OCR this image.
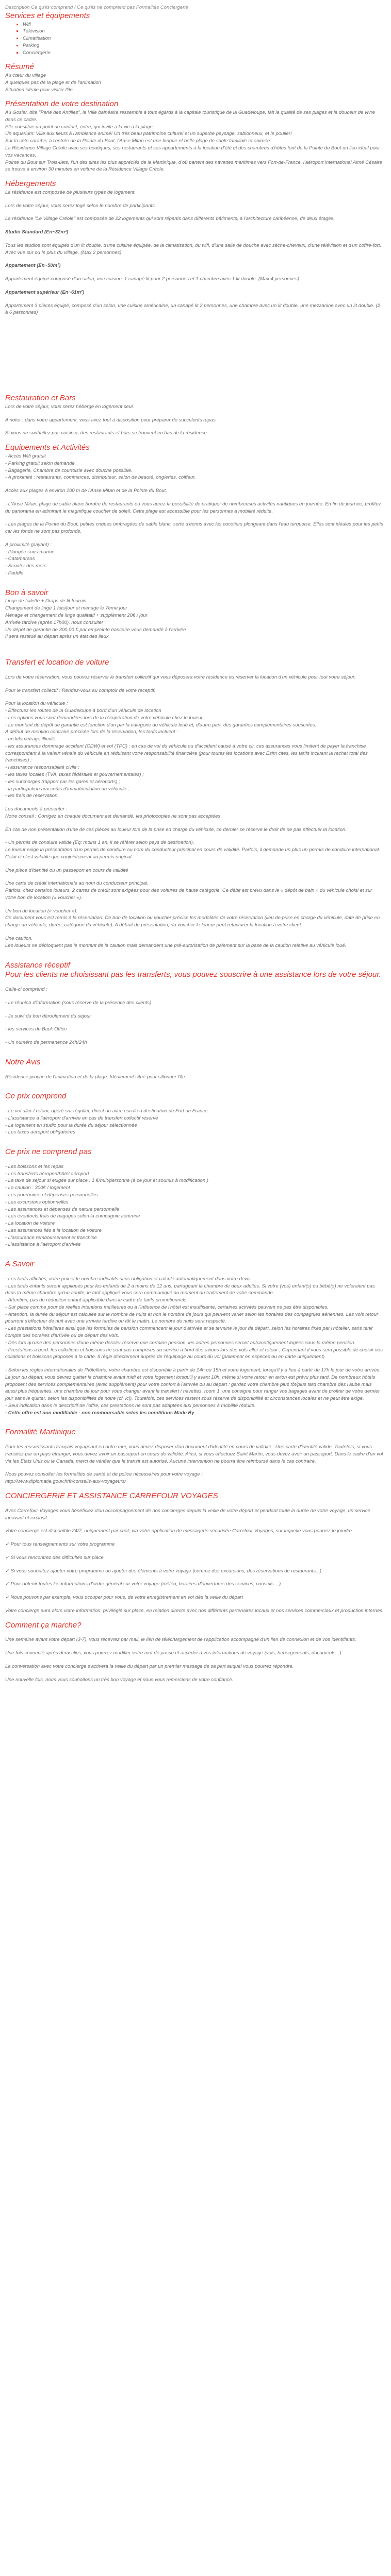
Description Ce qu'ils comprend / Ce qu'ils ne comprend pas Formalités Conciergerie

Services et équipements
▪ Wifi
▪ Télévision
▪ Climatisation
▪ Parking
▪ Conciergerie
Résumé

Au cœur du village

A quelques pas de la plage et de l'animation

Situation idéale pour visiter l'île

Présentation de votre destination

Au Gosier, dite "Perle des Antilles", la Ville balnéaire ressemble à tous égards à la capitale touristique de la Guadeloupe, fait la qualité de ses plages et la douceur de vivre dans ce cadre.

Elle constitue un point de contact, entre, qui invite à la vie à la plage.

Un aquarium: Ville aux fleurs à l'ambiance animé! Un très beau patrimoine culturel et un superbe paysage, sablonneux, et le poulier!

Sur la côte caraïbe, à l'entrée de la Pointe du Bout, l'Anse Mitan est une longue et belle plage de sable familiale et animée.

La Résidence Village Créole avec ses boutiques, ses restaurants et ses appartements à la location d'été et des chambres d'hôtes font de la Pointe du Bout un lieu idéal pour vos vacances.

Pointe du Bout sur Trois-Ilets, l'un des sites les plus appréciés de la Martinique, d'où partent des navettes maritimes vers Fort-de-France, l'aéroport international Aimé Césaire se trouve à environ 30 minutes en voiture de la Résidence Village Créole.

Hébergements

La résidence est composée de plusieurs types de logement.

Lors de votre séjour, vous serez logé selon le nombre de participants.

La résidence "Le Village Créole" est composée de 22 logements qui sont répartis dans différents bâtiments, à l'architecture caribéenne, de deux étages.

Studio Standard (En~32m²)

Tous les studios sont équipés d'un lit double, d'une cuisine équipée, de la climatisation, du wifi, d'une salle de douche avec sèche-cheveux, d'une télévision et d'un coffre-fort. Avec vue sur ou le plus du village. (Max 2 personnes)

Appartement (En~50m²)

Appartement équipé composé d'un salon, une cuisine, 1 canapé lit pour 2 personnes et 1 chambre avec 1 lit double. (Max 4 personnes)

Appartement supérieur (En~61m²)

Appartement 3 pièces équipé, composé d'un salon, une cuisine américaine, un canapé lit 2 personnes, une chambre avec un lit double, une mezzanine avec un lit double. (2 à 6 personnes)

Restauration et Bars

Lors de votre séjour, vous serez hébergé en logement seul.

A noter : dans votre appartement, vous avez tout à disposition pour préparer de succulents repas.

Si vous ne souhaitez pas cuisiner, des restaurants et bars se trouvent en bas de la résidence.

Equipements et Activités

- Accès Wifi gratuit

- Parking gratuit selon demande.

- Bagagerie, Chambre de courtoisie avec douche possible.

- A proximité : restaurants, commerces, distributeur, salon de beauté, ongleries, coiffeur.

Accès aux plages à environ 100 m de l'Anse Mitan et de la Pointe du Bout.

- L'Anse Mitan, plage de sable blanc bordée de restaurants où vous aurez la possibilité de pratiquer de nombreuses activités nautiques en journée. En fin de journée, profitez du panorama en admirant le magnifique coucher de soleil. Cette plage est accessible pour les personnes à mobilité réduite.

- Les plages de la Pointe du Bout, petites criques ombragées de sable blanc, sorte d'écrins avec les cocotiers plongeant dans l'eau turquoise. Elles sont idéales pour les petits car les fonds ne sont pas profonds.

A proximité (payant) :

- Plongée sous-marine

- Catamarans

- Scooter des mers

- Paddle

Bon à savoir

Linge de toilette + Draps de lit fournis

Changement de linge 1 fois/jour et ménage le 7ème jour

Ménage et changement de linge qualitatif + supplément 20€ / jour

Arrivée tardive (après 17h00), nous consulter

Un dépôt de garantie de 300,00 € par empreinte bancaire vous demandé à l'arrivée

Il sera restitué au départ après un état des lieux

Transfert et location de voiture

Lors de votre réservation, vous pouvez réserver le transfert collectif qui vous déposera votre résidence ou réserver la location d'un véhicule pour tout votre séjour.

Pour le transfert collectif : Rendez-vous au comptoir de votre receptif.

Pour la location du véhicule :

- Effectuez les routes de la Guadeloupe à bord d'un véhicule de location

- Les options vous sont demandées lors de la récupération de votre véhicule chez le loueur.

- Le montant du dépôt de garantie est fonction d'un par la catégorie du véhicule loué et, d'autre part, des garanties complémentaires souscrites.

A défaut de mention contraire précisée lors de la réservation, les tarifs incluent :

- un kilométrage illimité ;

- les assurances dommage accident (CDW) et vol (TPC) : en cas de vol du véhicule ou d'accident causé à votre cir, ces assurances vous limitent de payer la franchise correspondant à la valeur vénale du véhicule en réduisant votre responsabilité financière (pour toutes les locations avec Esim cites, les tarifs incluent la rachat total des franchises) ;

- l'assurance responsabilité civile ;

- les taxes locales (TVA, taxes fédérales et gouvernementales) ;

- les surcharges (rapport par les gares et aéroports) ;

- la participation aux coûts d'immatriculation du véhicule ;

- les frais de réservation.

Les documents à présenter :

Notre conseil : Corrigez en chaque document est demandé, les photocopies ne sont pas acceptées

En cas de non présentation d'une de ces pièces au loueur lors de la prise en charge du véhicule, ce dernier se réserve le droit de ne pas effectuer la location.

- Un permis de conduire valide (Eq; moins 1 an, il se référer selon pays de destination).

Le loueur exige la présentation d'un permis de conduire au nom du conducteur principal en cours de validité. Parfois, il demande un plus un permis de conduire international. Celui-ci n'est valable que conjointement au permis original.

Une pièce d'identité ou un passeport en cours de validité

Une carte de crédit internationale au nom du conducteur principal.

Parfois, chez certains loueurs, 2 cartes de crédit sont exigées pour des voitures de haute catégorie. Ce débit est prévu dans le « dépôt de bain » du véhicule choisi et sur votre bon de location (« voucher »).

Un bon de location (« voucher »).

Ce document vous est remis à la réservation. Ce bon de location ou voucher précise les modalités de votre réservation (lieu de prise en charge du véhicule, date de prise en charge du véhicule, durée, catégorie du véhicule). A défaut de présentation, du voucher le loueur peut refacturer la location à votre client.

Une caution.

Les loueurs ne débloquent pas le montant de la caution mais demandent une pré-autorisation de paiement sur la base de la caution relative au véhicule loué.

Assistance réceptif
Pour les clients ne choisissant pas les transferts, vous pouvez souscrire à une assistance lors de votre séjour.

Celle-ci comprend :

- Le réunion d'information (sous réserve de la présence des clients)

- Je suivi du bon déroulement du séjour

- les services du Back Office

- Un numéro de permanence 24h/24h

Notre Avis

Résidence proche de l'animation et de la plage. Idéalement situé pour sillonner l'île.

Ce prix comprend

- Le vol aller / retour, opéré sur régulier, direct ou avec escale à destination de Fort de France

- L'assistance à l'aéroport d'arrivée en cas de transfert collectif réservé

- Le logement en studio pour la durée du séjour sélectionnée

- Les taxes aéroport obligatoires

Ce prix ne comprend pas

- Les boissons et les repas

- Les transferts aéroport/hôtel aéroport

- La taxe de séjour si exigée sur place : 1 €/nuit/personne (à ce jour et soumis à modification )

- La caution : 300€ / logement

- Les pourboires et dépenses personnelles

- Les excursions optionnelles

- Les assurances et dépenses de nature personnelle

- Les éventuels frais de bagages selon la compagnie aérienne

- La location de voiture

- Les assurances liés à la location de voiture

- L'assurance remboursement et franchise

- L'assistance à l'aéroport d'arrivée

A Savoir

- Les tarifs affichés, votre prix et le nombre indicatifs sans obligation et calculé automatiquement dans votre devis

- Les tarifs enfants seront appliqués pour les enfants de 2 à moins de 12 ans, partageant la chambre de deux adultes. Si votre (vos) enfant(s) ou bébé(s) ne voleraient pas dans la même chambre qu'un adulte, le tarif appliqué vous sera communiqué au moment du traitement de votre commande.

- Attention, pas de réduction enfant applicable dans le cadre de tarifs promotionnels.

- Sur place comme pour de réelles intentions meilleures ou à l'influence de l'hôtel est insuffisante, certaines activités peuvent ne pas être disponibles.

- Attention, la durée du séjour est calculée sur le nombre de nuits et non le nombre de jours qui peuvent varier selon les horaires des compagnies aériennes. Les vols retour pourront s'effectuer de nuit avec une arrivée tardive ou tôt le matin. Le nombre de nuits sera respecté.

- Les prestations hôtelières ainsi que les formules de pension commencent le jour d'arrivée et se termine le jour de départ, selon les horaires fixés par l'hôtelier, sans tenir compte des horaires d'arrivée ou de départ des vols.

- Dès lors qu'une des personnes d'une même dossier réserve une certaine pension, les autres personnes seront automatiquement logées sous la même pension.

- Prestations à bord: les collations et boissons ne sont pas comprises au service à bord des avions lors des vols aller et retour ; Cependant il vous sera possible de choisir vos collations et boissons proposés à la carte. Il règle directement auprès de l'équipage au cours du vol (paiement en espèces ou en carte uniquement)

- Selon les règles internationales de l'hôtellerie, votre chambre est disponible à partir de 14h ou 15h et votre logement, lorsqu'il y a lieu à partir de 17h le jour de votre arrivée. Le jour du départ, vous devrez quitter la chambre avant midi et votre logement lorsqu'il y avant 10h, même si votre retour en avion est prévu plus tard. De nombreux hôtels proposent des services complémentaires (avec supplément) pour votre confort à l'arrivée ou au départ : gardez votre chambre plus tôt/plus tard chambre dès l'aube mais aussi plus fréquentes, une chambre de jour pour vous changer avant le transfert / navettes, room 1, une consigne pour ranger vos bagages avant de profiter de votre dernier jour sans le quitter, selon les disponibilités de notre (cf. ici). Toutefois, ces services restent sous réserve de disponibilité et circonstances locales et ne peut être exigé.

- Seul indication dans le descriptif de l'offre, ces prestations ne sont pas adaptées aux personnes à mobilité réduite.

- Cette offre est non modifiable - non remboursable selon les conditions Made By

Formalité Martinique

Pour les ressortissants français voyageant en autre mer, vous devez disposer d'un document d'identité en cours de validité : Une carte d'identité valide. Toutefois, si vous transitez par un pays étranger, vous devez avoir un passeport en cours de validité. Ainsi, si vous effectuez Saint Martin, vous devez avoir un passeport. Dans le cadre d'un vol via les Etats Unis ou le Canada, merci de vérifier que le transit est autorisé. Aucune intervention ne pourra être reimbursé dans le cas contraire.

Nous pouvez consulter les formalités de santé et de police nécessaires pour votre voyage :

http://www.diplomatie.gouv.fr/fr/conseils-aux-voyageurs/

CONCIERGERIE ET ASSISTANCE CARREFOUR VOYAGES

Avec Carrefour Voyages vous bénéficiez d'un accompagnement de nos concierges depuis la veille de votre départ et pendant toute la durée de votre voyage, un service innovant et exclusif.

Votre concierge est disponible 24/7, uniquement par chat, via votre application de messagerie sécurisée Carrefour Voyages, sur laquelle vous pourrez le joindre :

✓ Pour tous renseignements sur votre programme

✓ Si vous rencontrez des difficultés sur place

✓ Si vous souhaitez ajouter votre programme ou ajouter des éléments à votre voyage (comme des excursions, des réservations de restaurants...)

✓ Pour obtenir toutes les informations d'ordre général sur votre voyage (météo, horaires d'ouvertures des services, conseils....)

✓ Nous pouvons par exemple, vous occuper pour vous, de votre enregistrement en vol dès la veille du départ

Votre concierge aura alors votre information, privilégié sur place, en relation directe avec nos différents partenaires locaux et nos services commerciaux et production internes.

Comment ça marche?

Une semaine avant votre départ (J-7), vous recevrez par mail, le lien de téléchargement de l'application accompagné d'un lien de connexion et de vos identifiants.

Une fois connecté après deux clics, vous pourrez modifier votre mot de passe et accéder à vos informations de voyage (vols, hébergements, documents...).

La conversation avec votre concierge s'activera la veille du départ par un premier message de sa part auquel vous pourrez répondre.

Une nouvelle fois, nous vous souhaitons un très bon voyage et nous vous remercions de votre confiance.
